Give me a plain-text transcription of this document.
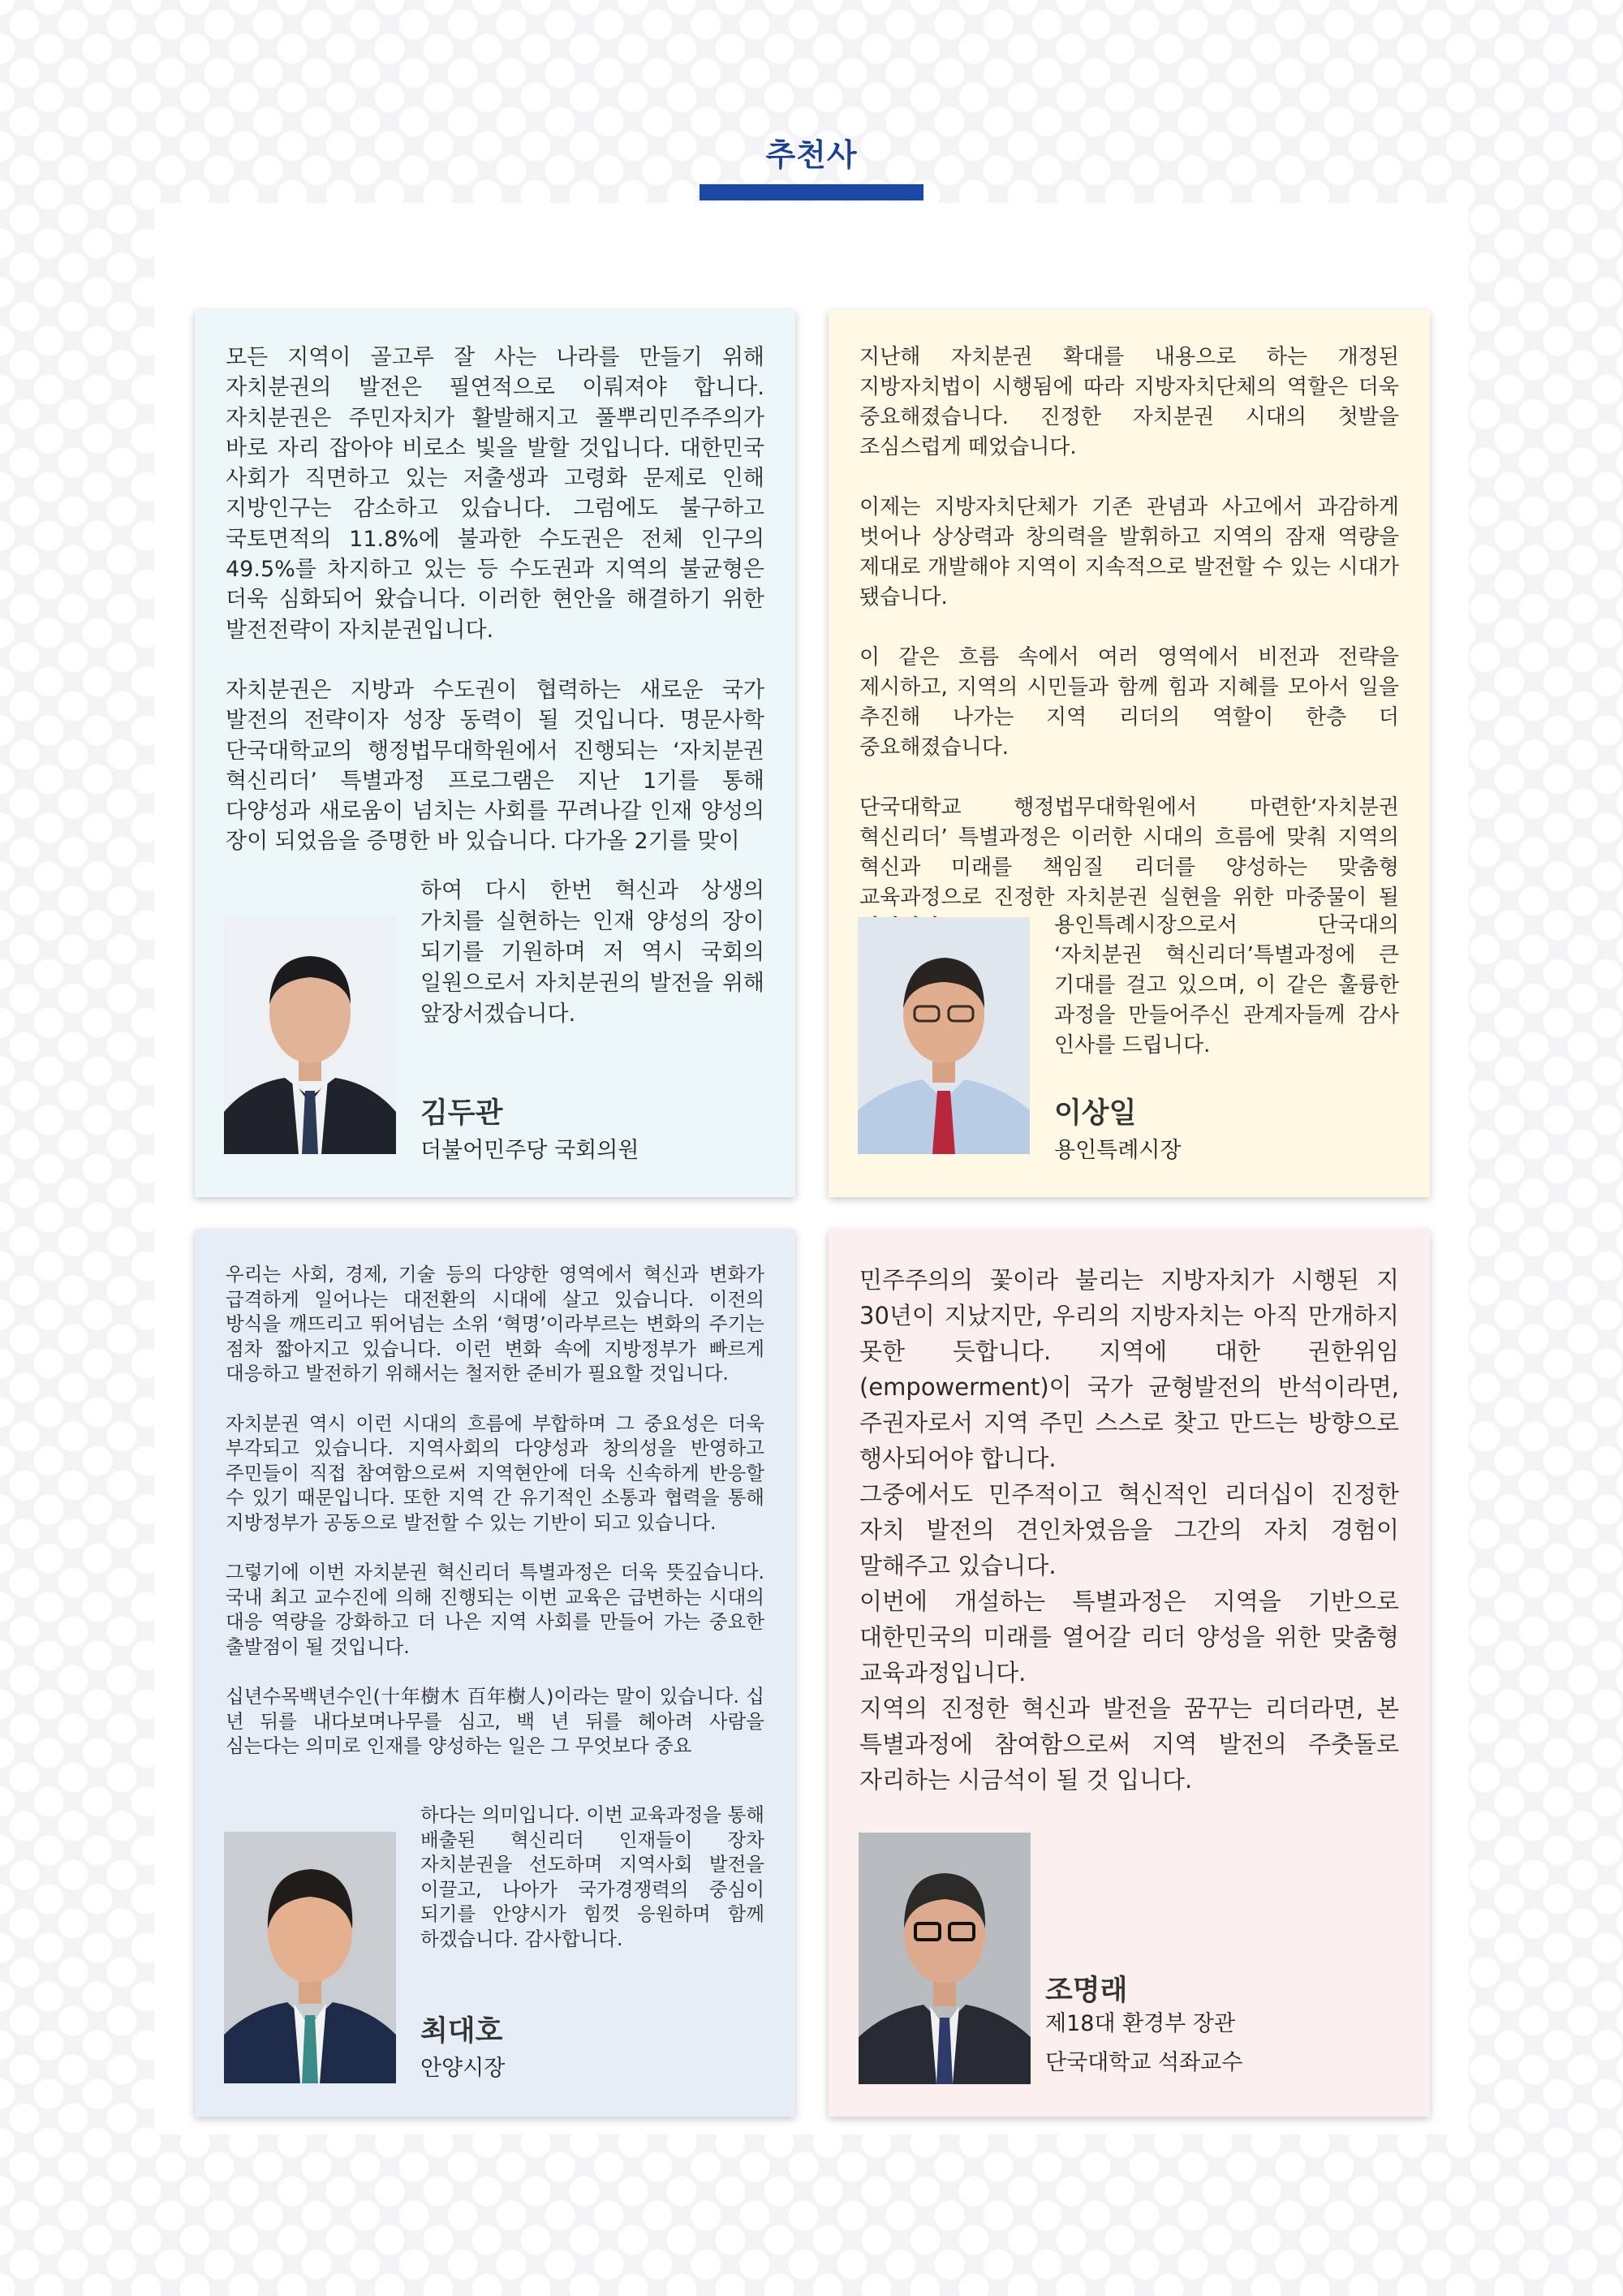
추천사

모든 지역이 골고루 잘 사는 나라를 만들기 위해 자치분권의 발전은 필연적으로 이뤄져야 합니다. 자치분권은 주민자치가 활발해지고 풀뿌리민주주의가 바로 자리 잡아야 비로소 빛을 발할 것입니다. 대한민국 사회가 직면하고 있는 저출생과 고령화 문제로 인해 지방인구는 감소하고 있습니다. 그럼에도 불구하고 국토면적의 11.8%에 불과한 수도권은 전체 인구의 49.5%를 차지하고 있는 등 수도권과 지역의 불균형은 더욱 심화되어 왔습니다. 이러한 현안을 해결하기 위한 발전전략이 자치분권입니다.

자치분권은 지방과 수도권이 협력하는 새로운 국가 발전의 전략이자 성장 동력이 될 것입니다. 명문사학 단국대학교의 행정법무대학원에서 진행되는 ‘자치분권 혁신리더’ 특별과정 프로그램은 지난 1기를 통해 다양성과 새로움이 넘치는 사회를 꾸려나갈 인재 양성의 장이 되었음을 증명한 바 있습니다. 다가올 2기를 맞이

하여 다시 한번 혁신과 상생의 가치를 실현하는 인재 양성의 장이 되기를 기원하며 저 역시 국회의 일원으로서 자치분권의 발전을 위해 앞장서겠습니다.

김두관

더불어민주당 국회의원

지난해 자치분권 확대를 내용으로 하는 개정된 지방자치법이 시행됨에 따라 지방자치단체의 역할은 더욱 중요해졌습니다. 진정한 자치분권 시대의 첫발을 조심스럽게 떼었습니다.

이제는 지방자치단체가 기존 관념과 사고에서 과감하게 벗어나 상상력과 창의력을 발휘하고 지역의 잠재 역량을 제대로 개발해야 지역이 지속적으로 발전할 수 있는 시대가 됐습니다.

이 같은 흐름 속에서 여러 영역에서 비전과 전략을 제시하고, 지역의 시민들과 함께 힘과 지혜를 모아서 일을 추진해 나가는 지역 리더의 역할이 한층 더 중요해졌습니다.

단국대학교 행정법무대학원에서 마련한‘자치분권 혁신리더’ 특별과정은 이러한 시대의 흐름에 맞춰 지역의 혁신과 미래를 책임질 리더를 양성하는 맞춤형 교육과정으로 진정한 자치분권 실현을 위한 마중물이 될

용인특례시장으로서 단국대의 ‘자치분권 혁신리더’특별과정에 큰 기대를 걸고 있으며, 이 같은 훌륭한 과정을 만들어주신 관계자들께 감사 인사를 드립니다.

이상일

용인특례시장

우리는 사회, 경제, 기술 등의 다양한 영역에서 혁신과 변화가 급격하게 일어나는 대전환의 시대에 살고 있습니다. 이전의 방식을 깨뜨리고 뛰어넘는 소위 ‘혁명’이라부르는 변화의 주기는 점차 짧아지고 있습니다. 이런 변화 속에 지방정부가 빠르게 대응하고 발전하기 위해서는 철저한 준비가 필요할 것입니다.

자치분권 역시 이런 시대의 흐름에 부합하며 그 중요성은 더욱 부각되고 있습니다. 지역사회의 다양성과 창의성을 반영하고 주민들이 직접 참여함으로써 지역현안에 더욱 신속하게 반응할 수 있기 때문입니다. 또한 지역 간 유기적인 소통과 협력을 통해 지방정부가 공동으로 발전할 수 있는 기반이 되고 있습니다.

그렇기에 이번 자치분권 혁신리더 특별과정은 더욱 뜻깊습니다. 국내 최고 교수진에 의해 진행되는 이번 교육은 급변하는 시대의 대응 역량을 강화하고 더 나은 지역 사회를 만들어 가는 중요한 출발점이 될 것입니다.

십년수목백년수인(十年樹木 百年樹人)이라는 말이 있습니다. 십 년 뒤를 내다보며나무를 심고, 백 년 뒤를 헤아려 사람을 심는다는 의미로 인재를 양성하는 일은 그 무엇보다 중요

하다는 의미입니다. 이번 교육과정을 통해 배출된 혁신리더 인재들이 장차 자치분권을 선도하며 지역사회 발전을 이끌고, 나아가 국가경쟁력의 중심이 되기를 안양시가 힘껏 응원하며 함께 하겠습니다. 감사합니다.

최대호

안양시장

민주주의의 꽃이라 불리는 지방자치가 시행된 지 30년이 지났지만, 우리의 지방자치는 아직 만개하지 못한 듯합니다. 지역에 대한 권한위임(empowerment)이 국가 균형발전의 반석이라면, 주권자로서 지역 주민 스스로 찾고 만드는 방향으로 행사되어야 합니다.

그중에서도 민주적이고 혁신적인 리더십이 진정한 자치 발전의 견인차였음을 그간의 자치 경험이 말해주고 있습니다.

이번에 개설하는 특별과정은 지역을 기반으로 대한민국의 미래를 열어갈 리더 양성을 위한 맞춤형 교육과정입니다.

지역의 진정한 혁신과 발전을 꿈꾸는 리더라면, 본 특별과정에 참여함으로써 지역 발전의 주춧돌로 자리하는 시금석이 될 것 입니다.

조명래

제18대 환경부 장관
단국대학교 석좌교수
